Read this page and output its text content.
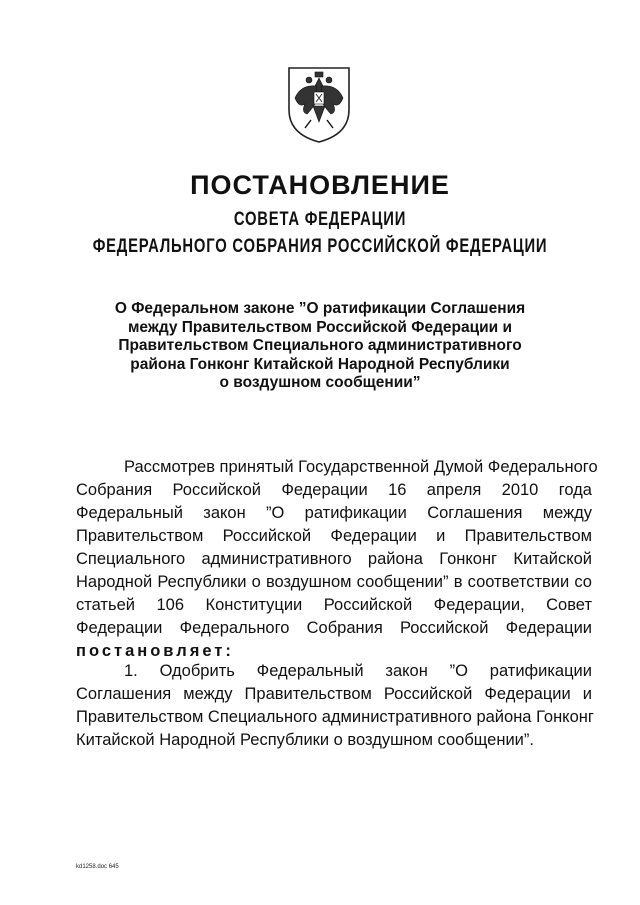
ПОСТАНОВЛЕНИЕ
СОВЕТА ФЕДЕРАЦИИ
ФЕДЕРАЛЬНОГО СОБРАНИЯ РОССИЙСКОЙ ФЕДЕРАЦИИ
О Федеральном законе ”О ратификации Соглашения
между Правительством Российской Федерации и
Правительством Специального административного
района Гонконг Китайской Народной Республики
о воздушном сообщении”
Рассмотрев принятый Государственной Думой Федерального
Собрания Российской Федерации 16 апреля 2010 года
Федеральный закон ”О ратификации Соглашения между
Правительством Российской Федерации и Правительством
Специального административного района Гонконг Китайской
Народной Республики о воздушном сообщении” в соответствии со
статьей 106 Конституции Российской Федерации, Совет
Федерации Федерального Собрания Российской Федерации
постановляет:
1. Одобрить Федеральный закон ”О ратификации
Соглашения между Правительством Российской Федерации и
Правительством Специального административного района Гонконг
Китайской Народной Республики о воздушном сообщении”.
kd1258.doc 645
